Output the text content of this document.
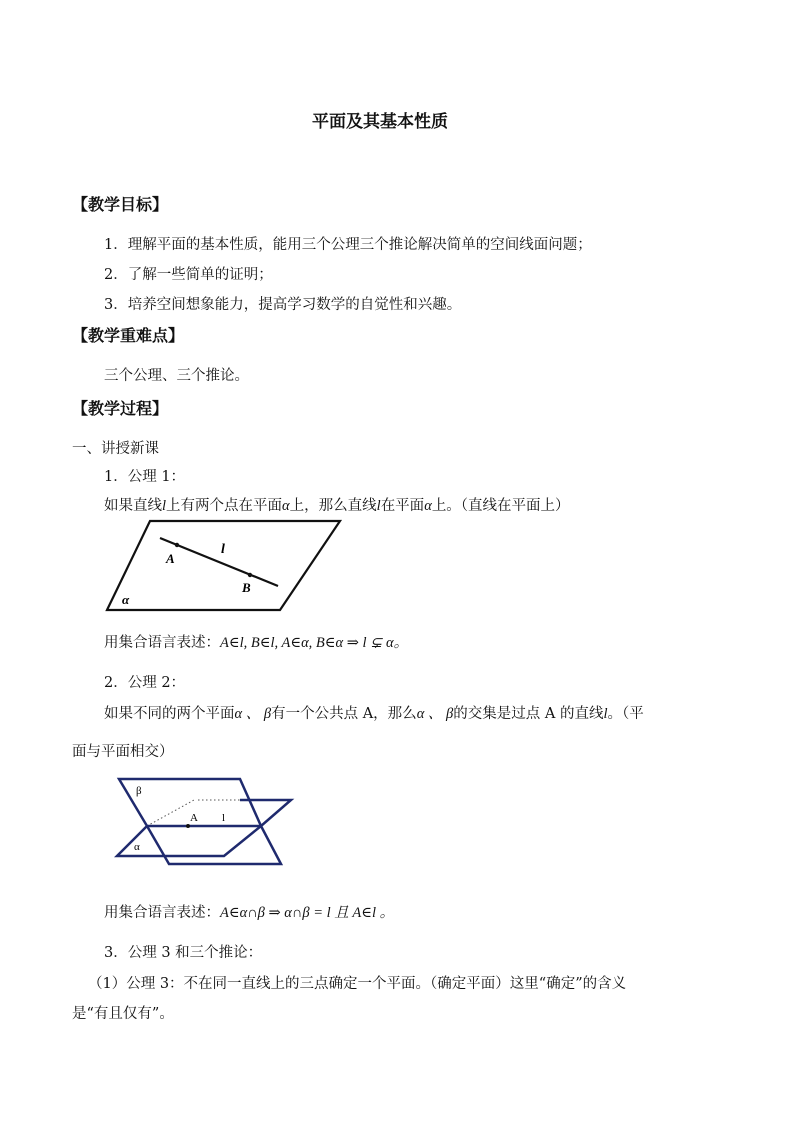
平面及其基本性质
【教学目标】
1．理解平面的基本性质，能用三个公理三个推论解决简单的空间线面问题；
2．了解一些简单的证明；
3．培养空间想象能力，提高学习数学的自觉性和兴趣。
【教学重难点】
三个公理、三个推论。
【教学过程】
一、讲授新课
1．公理 1：
如果直线l上有两个点在平面α上，那么直线l在平面α上。（直线在平面上）
A
l
B
α
用集合语言表述：A∈l, B∈l, A∈α, B∈α ⇒ l ⊊ α。
2．公理 2：
如果不同的两个平面α 、 β有一个公共点 A，那么α 、 β的交集是过点 A 的直线l。（平
面与平面相交）
β
A l
α
用集合语言表述：A∈α∩β ⇒ α∩β = l 且 A∈l 。
3．公理 3 和三个推论：
（1）公理 3：不在同一直线上的三点确定一个平面。（确定平面）这里“确定”的含义
是“有且仅有”。
